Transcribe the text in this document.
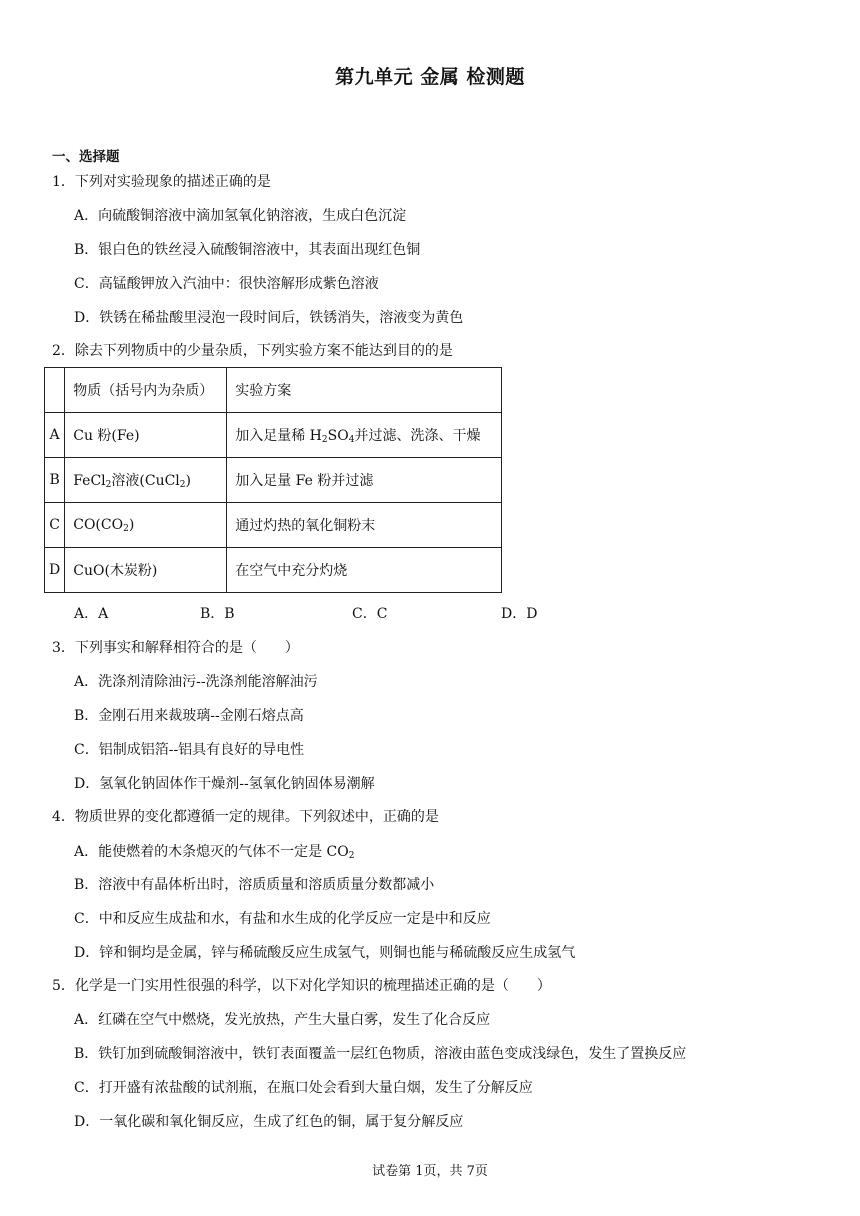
第九单元 金属 检测题
一、选择题
1．下列对实验现象的描述正确的是
A．向硫酸铜溶液中滴加氢氧化钠溶液，生成白色沉淀
B．银白色的铁丝浸入硫酸铜溶液中，其表面出现红色铜
C．高锰酸钾放入汽油中：很快溶解形成紫色溶液
D．铁锈在稀盐酸里浸泡一段时间后，铁锈消失，溶液变为黄色
2．除去下列物质中的少量杂质，下列实验方案不能达到目的的是
	物质（括号内为杂质）	实验方案
A	Cu 粉(Fe)	加入足量稀 $H_2SO_4$并过滤、洗涤、干燥
B	FeCl$_2$溶液(CuCl$_2$)	加入足量 Fe 粉并过滤
C	$CO(CO_2)$	通过灼热的氧化铜粉末
D	CuO(木炭粉)	在空气中充分灼烧
A．A	B．B	C．C	D．D
3．下列事实和解释相符合的是（　　）
A．洗涤剂清除油污--洗涤剂能溶解油污
B．金刚石用来裁玻璃--金刚石熔点高
C．铝制成铝箔--铝具有良好的导电性
D．氢氧化钠固体作干燥剂--氢氧化钠固体易潮解
4．物质世界的变化都遵循一定的规律。下列叙述中，正确的是
A．能使燃着的木条熄灭的气体不一定是 $CO_2$
B．溶液中有晶体析出时，溶质质量和溶质质量分数都减小
C．中和反应生成盐和水，有盐和水生成的化学反应一定是中和反应
D．锌和铜均是金属，锌与稀硫酸反应生成氢气，则铜也能与稀硫酸反应生成氢气
5．化学是一门实用性很强的科学，以下对化学知识的梳理描述正确的是（　　）
A．红磷在空气中燃烧，发光放热，产生大量白雾，发生了化合反应
B．铁钉加到硫酸铜溶液中，铁钉表面覆盖一层红色物质，溶液由蓝色变成浅绿色，发生了置换反应
C．打开盛有浓盐酸的试剂瓶，在瓶口处会看到大量白烟，发生了分解反应
D．一氧化碳和氧化铜反应，生成了红色的铜，属于复分解反应
试卷第 1页，共 7页
